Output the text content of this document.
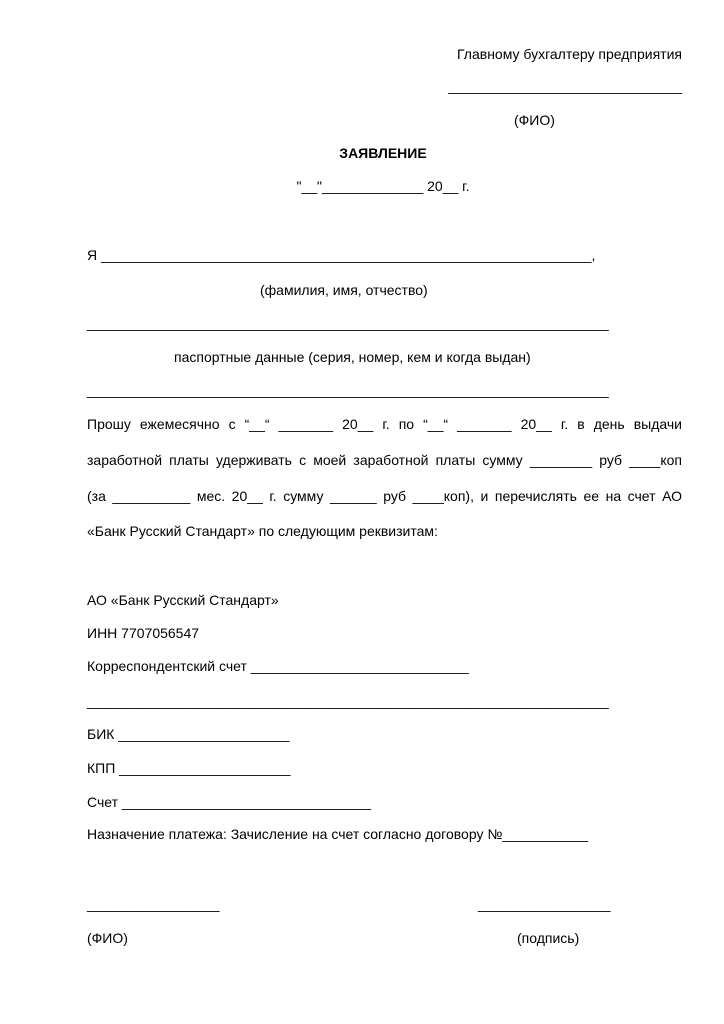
Главному бухгалтеру предприятия
______________________________
(ФИО)
ЗАЯВЛЕНИЕ
"__"_____________ 20__ г.
Я _______________________________________________________________,
(фамилия, имя, отчество)
___________________________________________________________________
паспортные данные (серия, номер, кем и когда выдан)
___________________________________________________________________
Прошу ежемесячно с “__“ _______ 20__ г. по “__“ _______ 20__ г. в день выдачи
заработной платы удерживать с моей заработной платы сумму ________ руб ____коп
(за __________ мес. 20__ г. сумму ______ руб ____коп), и перечислять ее на счет АО
«Банк Русский Стандарт» по следующим реквизитам:
АО «Банк Русский Стандарт»
ИНН 7707056547
Корреспондентский счет ____________________________
___________________________________________________________________
БИК ______________________
КПП ______________________
Счет ________________________________
Назначение платежа: Зачисление на счет согласно договору №___________
_________________
(ФИО)
_________________
(подпись)
